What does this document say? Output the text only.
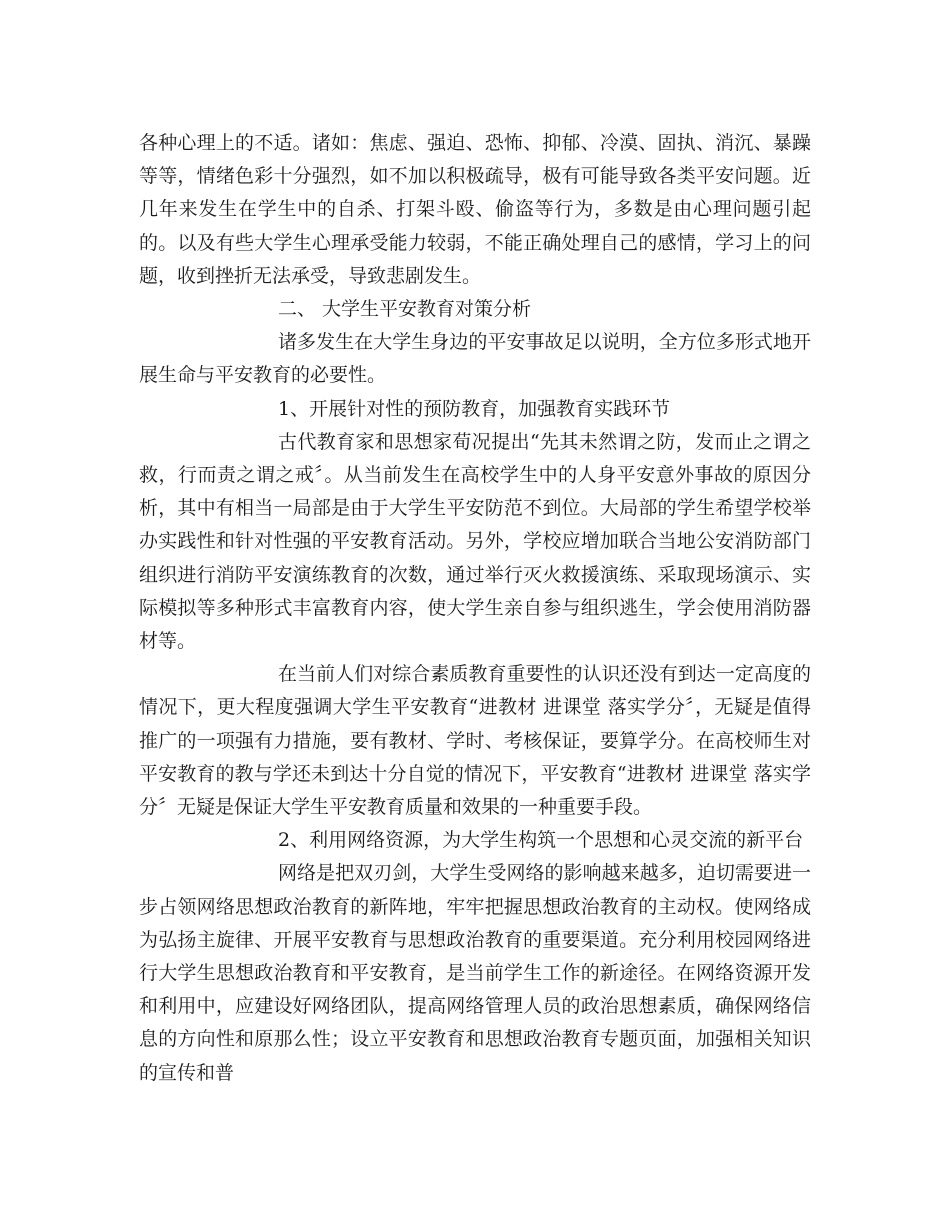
各种心理上的不适。诸如：焦虑、强迫、恐怖、抑郁、冷漠、固执、消沉、暴躁等等，情绪色彩十分强烈，如不加以积极疏导，极有可能导致各类平安问题。近几年来发生在学生中的自杀、打架斗殴、偷盗等行为，多数是由心理问题引起的。以及有些大学生心理承受能力较弱，不能正确处理自己的感情，学习上的问题，收到挫折无法承受，导致悲剧发生。

二、 大学生平安教育对策分析

诸多发生在大学生身边的平安事故足以说明，全方位多形式地开展生命与平安教育的必要性。

1、开展针对性的预防教育，加强教育实践环节

古代教育家和思想家荀况提出“先其未然谓之防，发而止之谓之救，行而责之谓之戒〞。从当前发生在高校学生中的人身平安意外事故的原因分析，其中有相当一局部是由于大学生平安防范不到位。大局部的学生希望学校举办实践性和针对性强的平安教育活动。另外，学校应增加联合当地公安消防部门组织进行消防平安演练教育的次数，通过举行灭火救援演练、采取现场演示、实际模拟等多种形式丰富教育内容，使大学生亲自参与组织逃生，学会使用消防器材等。

在当前人们对综合素质教育重要性的认识还没有到达一定高度的情况下，更大程度强调大学生平安教育“进教材 进课堂 落实学分〞，无疑是值得推广的一项强有力措施，要有教材、学时、考核保证，要算学分。在高校师生对平安教育的教与学还未到达十分自觉的情况下，平安教育“进教材 进课堂 落实学分〞无疑是保证大学生平安教育质量和效果的一种重要手段。

2、利用网络资源，为大学生构筑一个思想和心灵交流的新平台

网络是把双刃剑，大学生受网络的影响越来越多，迫切需要进一步占领网络思想政治教育的新阵地，牢牢把握思想政治教育的主动权。使网络成为弘扬主旋律、开展平安教育与思想政治教育的重要渠道。充分利用校园网络进行大学生思想政治教育和平安教育，是当前学生工作的新途径。在网络资源开发和利用中，应建设好网络团队，提高网络管理人员的政治思想素质，确保网络信息的方向性和原那么性；设立平安教育和思想政治教育专题页面，加强相关知识的宣传和普
